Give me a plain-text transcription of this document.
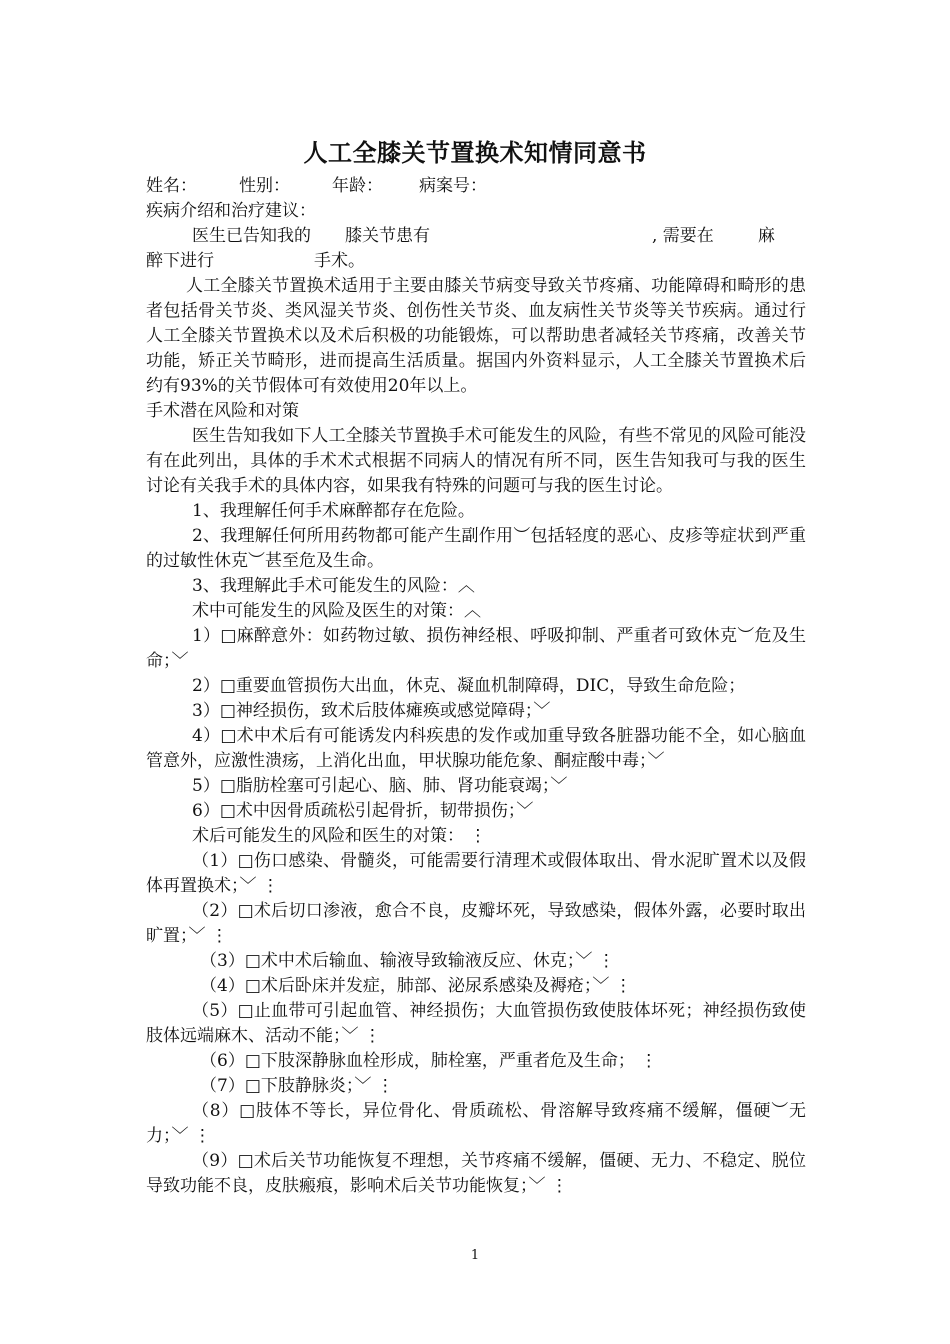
人工全膝关节置换术知情同意书

姓名： 性别： 年龄： 病案号：

疾病介绍和治疗建议：

医生已告知我的 膝关节患有	, 需要在	麻

醉下进行	手术。

人工全膝关节置换术适用于主要由膝关节病变导致关节疼痛、功能障碍和畸形的患者包括骨关节炎、类风湿关节炎、创伤性关节炎、血友病性关节炎等关节疾病。通过行人工全膝关节置换术以及术后积极的功能锻炼，可以帮助患者减轻关节疼痛，改善关节功能，矫正关节畸形，进而提高生活质量。据国内外资料显示，人工全膝关节置换术后约有93%的关节假体可有效使用20年以上。

手术潜在风险和对策

医生告知我如下人工全膝关节置换手术可能发生的风险，有些不常见的风险可能没有在此列出，具体的手术术式根据不同病人的情况有所不同，医生告知我可与我的医生讨论有关我手术的具体内容，如果我有特殊的问题可与我的医生讨论。

1、我理解任何手术麻醉都存在危险。

2、我理解任何所用药物都可能产生副作用︶包括轻度的恶心、皮疹等症状到严重的过敏性休克︶甚至危及生命。

3、我理解此手术可能发生的风险：︿

术中可能发生的风险及医生的对策：︿

1）□麻醉意外：如药物过敏、损伤神经根、呼吸抑制、严重者可致休克︶危及生命；﹀

2）□重要血管损伤大出血，休克、凝血机制障碍，DIC，导致生命危险；

3）□神经损伤，致术后肢体瘫痪或感觉障碍；﹀

4）□术中术后有可能诱发内科疾患的发作或加重导致各脏器功能不全，如心脑血管意外，应激性溃疡，上消化出血，甲状腺功能危象、酮症酸中毒；﹀

5）□脂肪栓塞可引起心、脑、肺、肾功能衰竭；﹀

6）□术中因骨质疏松引起骨折，韧带损伤；﹀

术后可能发生的风险和医生的对策： ⋮

（1）□伤口感染、骨髓炎，可能需要行清理术或假体取出、骨水泥旷置术以及假体再置换术；﹀ ⋮

（2）□术后切口渗液，愈合不良，皮瓣坏死，导致感染，假体外露，必要时取出旷置；﹀ ⋮

（3）□术中术后输血、输液导致输液反应、休克；﹀ ⋮

（4）□术后卧床并发症，肺部、泌尿系感染及褥疮；﹀ ⋮

（5）□止血带可引起血管、神经损伤；大血管损伤致使肢体坏死；神经损伤致使肢体远端麻木、活动不能；﹀ ⋮

（6）□下肢深静脉血栓形成，肺栓塞，严重者危及生命； ⋮

（7）□下肢静脉炎；﹀ ⋮

（8）□肢体不等长，异位骨化、骨质疏松、骨溶解导致疼痛不缓解，僵硬︶无力；﹀ ⋮

（9）□术后关节功能恢复不理想，关节疼痛不缓解，僵硬、无力、不稳定、脱位导致功能不良，皮肤瘢痕，影响术后关节功能恢复；﹀ ⋮

1
